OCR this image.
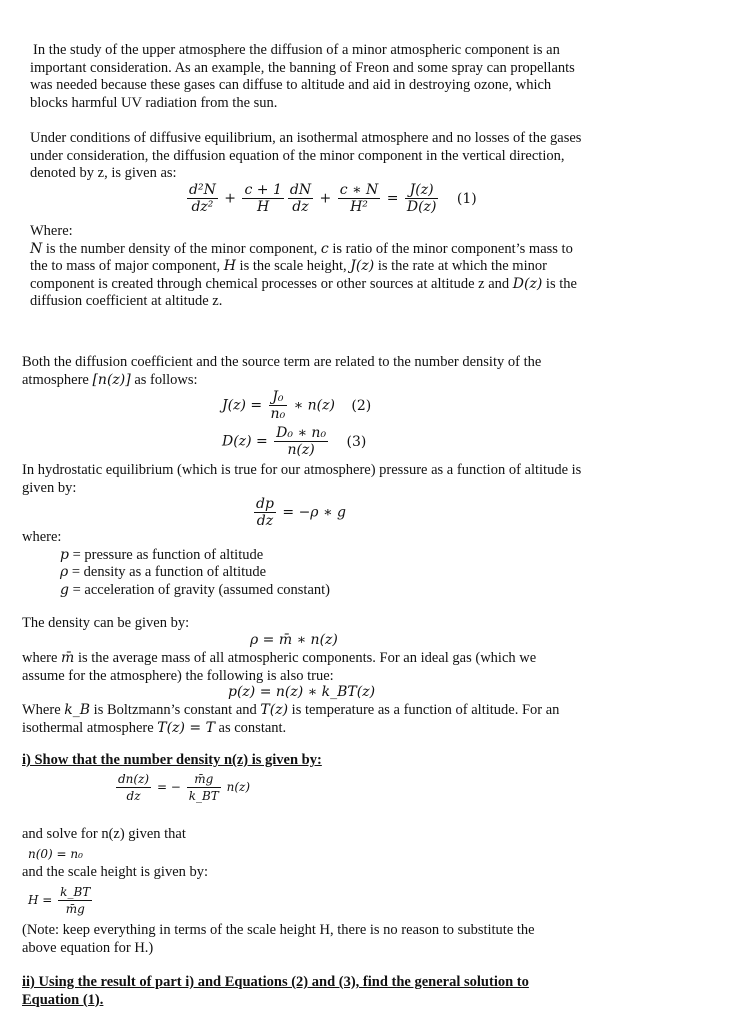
In the study of the upper atmosphere the diffusion of a minor atmospheric component is an important consideration. As an example, the banning of Freon and some spray can propellants was needed because these gases can diffuse to altitude and aid in destroying ozone, which blocks harmful UV radiation from the sun.

Under conditions of diffusive equilibrium, an isothermal atmosphere and no losses of the gases under consideration, the diffusion equation of the minor component in the vertical direction, denoted by z, is given as:

$\frac{\text{d²N}}{\text{dz²}} + \frac{c + 1}{H} \frac{dN}{dz} + \frac{c ∗ N}{\text{H²}} = \frac{J(z)}{D(z)} (1)$

Where:

N is the number density of the minor component, c is ratio of the minor component’s mass to the to mass of major component, H is the scale height, J(z) is the rate at which the minor component is created through chemical processes or other sources at altitude z and D(z) is the diffusion coefficient at altitude z.

Both the diffusion coefficient and the source term are related to the number density of the atmosphere [n(z)] as follows:

$J(z) = \frac{\text{J₀}}{\text{n₀}}$ ∗ n(z) (2)
$D(z) = \frac{\text{D₀ ∗ n₀}}{n(z)} (3)$

In hydrostatic equilibrium (which is true for our atmosphere) pressure as a function of altitude is given by:

$\frac{dp}{dz} = -\rho$ ∗ g

where:

p = pressure as function of altitude

ρ = density as a function of altitude

g = acceleration of gravity (assumed constant)

The density can be given by:

ρ = m̄ ∗ n(z)

where m̄ is the average mass of all atmospheric components. For an ideal gas (which we assume for the atmosphere) the following is also true:

p(z) = n(z) ∗ k_BT(z)

Where k_B is Boltzmann’s constant and T(z) is temperature as a function of altitude. For an isothermal atmosphere T(z) = T as constant.

i) Show that the number density n(z) is given by:

$\frac{dn(z)}{dz}$ = − $\frac{m̄g}{k\_BT} n(z)$

and solve for n(z) given that

n(0) = n₀

and the scale height is given by:

$H = \frac{k\_BT}{m̄g}$

(Note: keep everything in terms of the scale height H, there is no reason to substitute the above equation for H.)

ii) Using the result of part i) and Equations (2) and (3), find the general solution to Equation (1).
